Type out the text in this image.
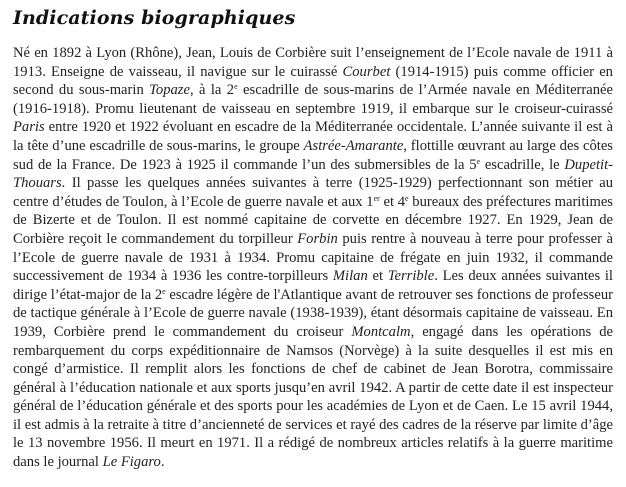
Indications biographiques

Né en 1892 à Lyon (Rhône), Jean, Louis de Corbière suit l’enseignement de l’Ecole navale de 1911 à 1913. Enseigne de vaisseau, il navigue sur le cuirassé Courbet (1914-1915) puis comme officier en second du sous-marin Topaze, à la 2e escadrille de sous-marins de l’Armée navale en Méditerranée (1916-1918). Promu lieutenant de vaisseau en septembre 1919, il embarque sur le croiseur-cuirassé Paris entre 1920 et 1922 évoluant en escadre de la Méditerranée occidentale. L’année suivante il est à la tête d’une escadrille de sous-marins, le groupe Astrée-Amarante, flottille œuvrant au large des côtes sud de la France. De 1923 à 1925 il commande l’un des submersibles de la 5e escadrille, le Dupetit-Thouars. Il passe les quelques années suivantes à terre (1925-1929) perfectionnant son métier au centre d’études de Toulon, à l’Ecole de guerre navale et aux 1er et 4e bureaux des préfectures maritimes de Bizerte et de Toulon. Il est nommé capitaine de corvette en décembre 1927. En 1929, Jean de Corbière reçoit le commandement du torpilleur Forbin puis rentre à nouveau à terre pour professer à l’Ecole de guerre navale de 1931 à 1934. Promu capitaine de frégate en juin 1932, il commande successivement de 1934 à 1936 les contre-torpilleurs Milan et Terrible. Les deux années suivantes il dirige l’état-major de la 2e escadre légère de l'Atlantique avant de retrouver ses fonctions de professeur de tactique générale à l’Ecole de guerre navale (1938-1939), étant désormais capitaine de vaisseau. En 1939, Corbière prend le commandement du croiseur Montcalm, engagé dans les opérations de rembarquement du corps expéditionnaire de Namsos (Norvège) à la suite desquelles il est mis en congé d’armistice. Il remplit alors les fonctions de chef de cabinet de Jean Borotra, commissaire général à l’éducation nationale et aux sports jusqu’en avril 1942. A partir de cette date il est inspecteur général de l’éducation générale et des sports pour les académies de Lyon et de Caen. Le 15 avril 1944, il est admis à la retraite à titre d’ancienneté de services et rayé des cadres de la réserve par limite d’âge le 13 novembre 1956. Il meurt en 1971. Il a rédigé de nombreux articles relatifs à la guerre maritime dans le journal Le Figaro.
